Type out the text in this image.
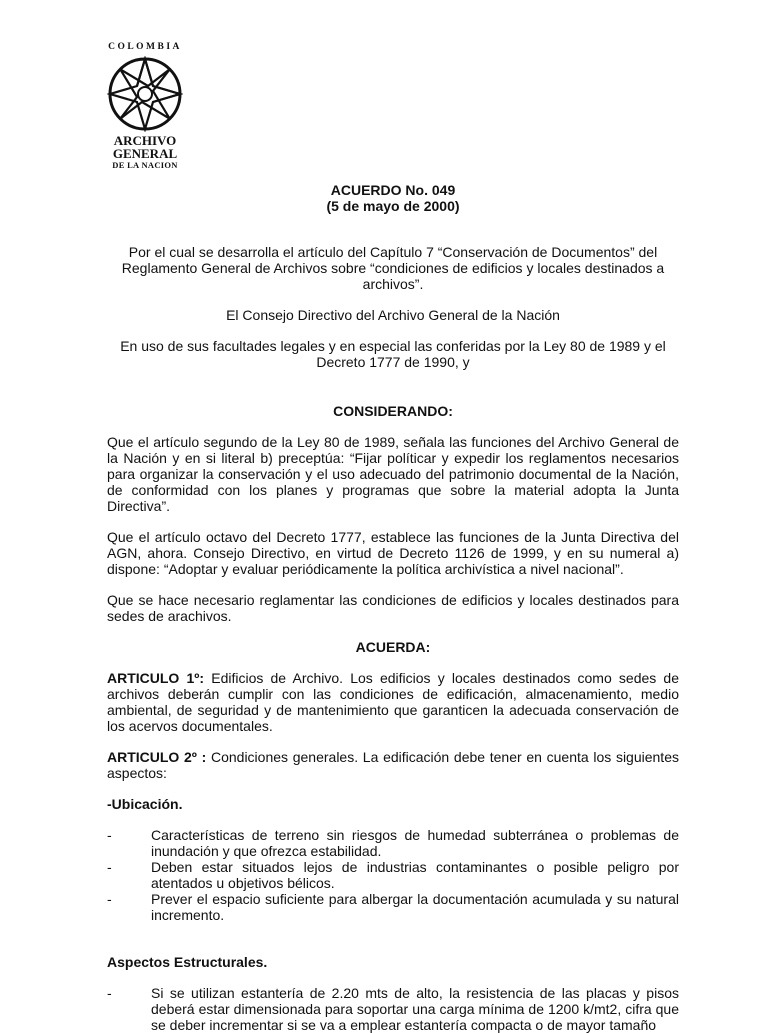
COLOMBIA
ARCHIVO
GENERAL
DE LA NACION
ACUERDO No. 049
(5 de mayo de 2000)

Por el cual se desarrolla el artículo del Capítulo 7 “Conservación de Documentos” del Reglamento General de Archivos sobre “condiciones de edificios y locales destinados a archivos”.

El Consejo Directivo del Archivo General de la Nación

En uso de sus facultades legales y en especial las conferidas por la Ley 80 de 1989 y el Decreto 1777 de 1990, y

CONSIDERANDO:

Que el artículo segundo de la Ley 80 de 1989, señala las funciones del Archivo General de la Nación y en si literal b) preceptúa: “Fijar políticar y expedir los reglamentos necesarios para organizar la conservación y el uso adecuado del patrimonio documental de la Nación, de conformidad con los planes y programas que sobre la material adopta la Junta Directiva”.

Que el artículo octavo del Decreto 1777, establece las funciones de la Junta Directiva del AGN, ahora. Consejo Directivo, en virtud de Decreto 1126 de 1999, y en su numeral a) dispone: “Adoptar y evaluar periódicamente la política archivística a nivel nacional”.

Que se hace necesario reglamentar las condiciones de edificios y locales destinados para sedes de arachivos.

ACUERDA:

ARTICULO 1º: Edificios de Archivo. Los edificios y locales destinados como sedes de archivos deberán cumplir con las condiciones de edificación, almacenamiento, medio ambiental, de seguridad y de mantenimiento que garanticen la adecuada conservación de los acervos documentales.

ARTICULO 2º : Condiciones generales. La edificación debe tener en cuenta los siguientes aspectos:

-Ubicación.

-	Características de terreno sin riesgos de humedad subterránea o problemas de inundación y que ofrezca estabilidad.
-	Deben estar situados lejos de industrias contaminantes o posible peligro por atentados u objetivos bélicos.
-	Prever el espacio suficiente para albergar la documentación acumulada y su natural incremento.

Aspectos Estructurales.

-	Si se utilizan estantería de 2.20 mts de alto, la resistencia de las placas y pisos deberá estar dimensionada para soportar una carga mínima de 1200 k/mt2, cifra que se deber incrementar si se va a emplear estantería compacta o de mayor tamaño
